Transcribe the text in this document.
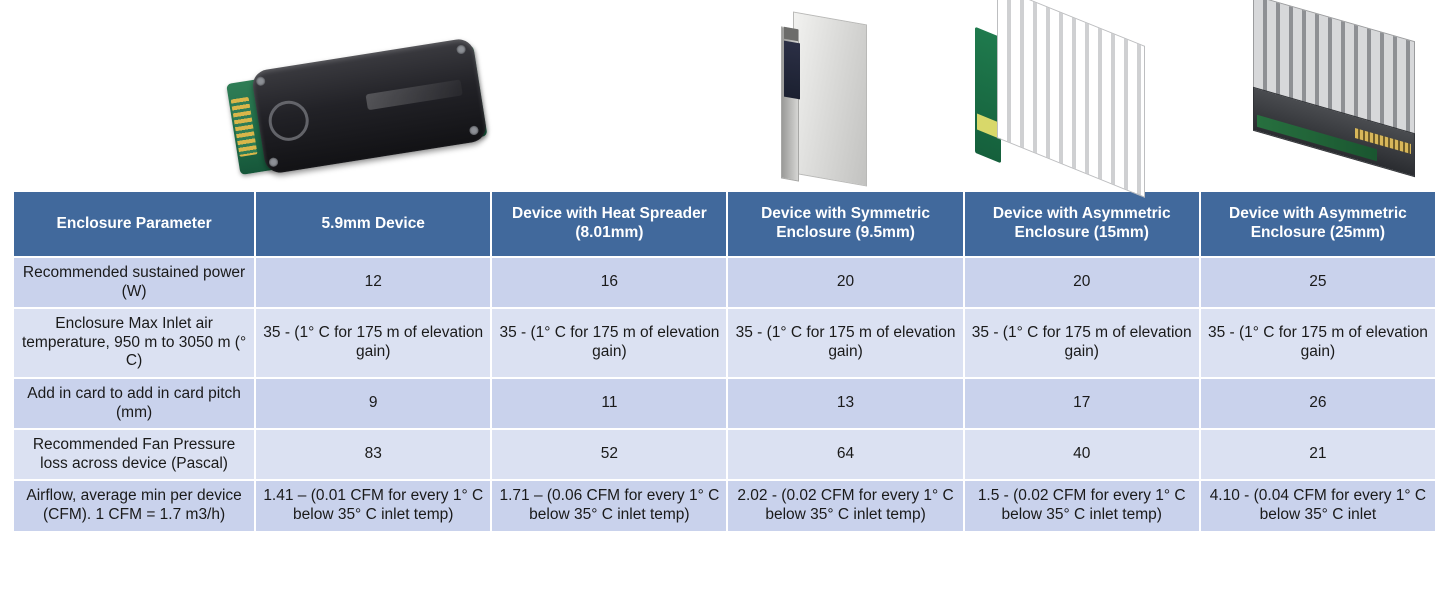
Enclosure Parameter	5.9mm Device	Device with Heat Spreader (8.01mm)	Device with Symmetric Enclosure (9.5mm)	Device with Asymmetric Enclosure (15mm)	Device with Asymmetric Enclosure (25mm)
Recommended sustained power (W)	12	16	20	20	25
Enclosure Max Inlet air temperature, 950 m to 3050 m (° C)	35 - (1° C for 175 m of elevation gain)	35 - (1° C for 175 m of elevation gain)	35 - (1° C for 175 m of elevation gain)	35 - (1° C for 175 m of elevation gain)	35 - (1° C for 175 m of elevation gain)
Add in card to add in card pitch (mm)	9	11	13	17	26
Recommended Fan Pressure loss across device (Pascal)	83	52	64	40	21
Airflow, average min per device (CFM). 1 CFM = 1.7 m3/h)	1.41 – (0.01 CFM for every 1° C below 35° C inlet temp)	1.71 – (0.06 CFM for every 1° C below 35° C inlet temp)	2.02 - (0.02 CFM for every 1° C below 35° C inlet temp)	1.5 - (0.02 CFM for every 1° C below 35° C inlet temp)	4.10 - (0.04 CFM for every 1° C below 35° C inlet
